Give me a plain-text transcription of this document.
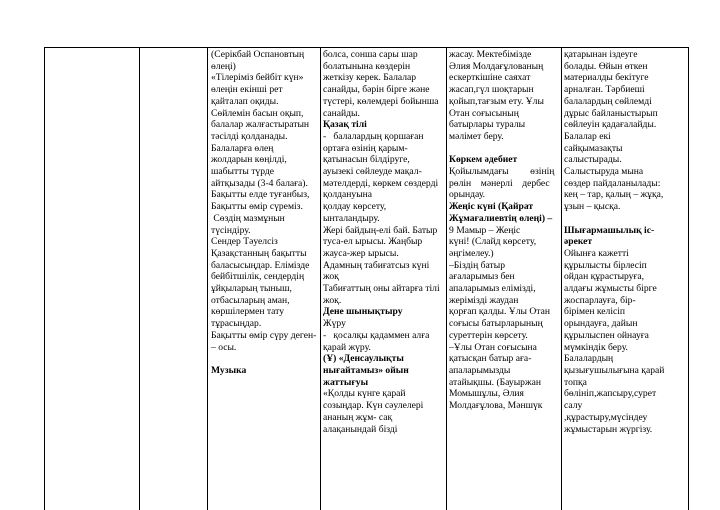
(Серікбай Оспановтың

өлеңі)

«Тілеріміз бейбіт күн»

өлеңін екінші рет

қайталап оқиды.

Сөйлемін басын оқып,

балалар жалғастыратын

тәсілді қолданады.

Балаларға өлең

жолдарын көңілді,

шабытты түрде

айтқызады (3-4 балаға).

Бақытты елде туғанбыз,

Бақытты өмір сүреміз.

Сөздің мазмұнын

түсіндіру.

Сендер Тәуелсіз

Қазақстанның бақытты

баласысыңдар. Елімізде

бейбітшілік, сендердің

ұйқыларың тыныш,

отбасыларың аман,

көршілермен тату

тұрасыңдар.

Бақытты өмір сүру деген-

– осы.

Музыка

болса, сонша сары шар

болатынына көздерін

жеткізу керек. Балалар

санайды, бәрін бірге және

түстері, көлемдері бойынша

санайды.

Қазақ тілі

-   балалардың қоршаған

ортаға өзінің қарым-

қатынасын білдіруге,

ауызекі сөйлеуде мақал-

мәтелдерді, көркем сөздерді

қолдануына

қолдау көрсету,

ынталандыру.

Жері байдың-елі бай. Батыр

туса-ел ырысы. Жаңбыр

жауса-жер ырысы.

Адамның табиғатсыз күні

жоқ

Табиғаттың оны айтарға тілі

жоқ.

Дене шынықтыру

Жүру

-   қосалқы қадаммен алға

қарай жүру.

(Ұ) «Денсаулықты

нығайтамыз» ойын

жаттығуы

«Қолды күнге қарай

созыңдар. Күн сәулелері

ананың жұм- сақ

алақанындай бізді

жасау. Мектебімізде

Әлия Молдағұлованың

ескерткішіне саяхат

жасап,гүл шоқтарын

қойып,тағзым ету. Ұлы

Отан соғысының

батырлары туралы

мәлімет беру.

Көркем әдебиет

Қойылымдағы         өзінің

рөлін    мәнерлі    дербес

орындау.

Жеңіс күні (Қайрат

Жұмағалиевтің өлеңі) –

9 Мамыр – Жеңіс

күні! (Слайд көрсету,

әңгімелеу.)

–Біздің батыр

ағаларымыз бен

апаларымыз елімізді,

жерімізді жаудан

қорғап қалды. Ұлы Отан

соғысы батырларының

суреттерін көрсету.

–Ұлы Отан соғысына

қатысқан батыр аға-

апаларымызды

атайықшы. (Бауыржан

Момышұлы, Әлия

Молдағұлова, Мәншүк

қатарынан іздеуге

болады. Өйын өткен

материалды бекітуге

арналған. Тәрбиеші

балалардың сөйлемді

дұрыс байланыстырып

сөйлеуін қадағалайды.

Балалар екі

сайқымазақты

салыстырады.

Салыстыруда мына

сөздер пайдаланылады:

кең – тар, қалың – жұқа,

ұзын – қысқа.

Шығармашылық іс-

әрекет

Ойынға кажетті

құрылысты бірлесіп

ойдан құрастыруға,

алдағы жұмысты бірге

жоспарлауға, бір-

бірімен келісіп

орындауға, дайын

құрылыспен ойнауға

мүмкіндік беру.

Балалардың

қызығушылығына қарай

топқа

бөлініп,жапсыру,сурет

салу

,құрастыру,мүсіндеу

жұмыстарын жүргізу.
